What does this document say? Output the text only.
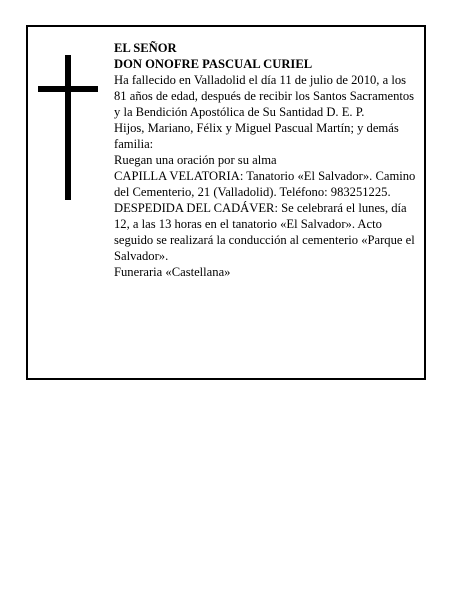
EL SEÑOR

DON ONOFRE PASCUAL CURIEL

Ha fallecido en Valladolid el día 11 de julio de 2010, a los 81 años de edad, después de recibir los Santos Sacramentos y la Bendición Apostólica de Su Santidad D. E. P.

Hijos, Mariano, Félix y Miguel Pascual Martín; y demás familia:

Ruegan una oración por su alma

CAPILLA VELATORIA: Tanatorio «El Salvador». Camino del Cementerio, 21 (Valladolid). Teléfono: 983251225.

DESPEDIDA DEL CADÁVER: Se celebrará el lunes, día 12, a las 13 horas en el tanatorio «El Salvador». Acto seguido se realizará la conducción al cementerio «Parque el Salvador».

Funeraria «Castellana»
